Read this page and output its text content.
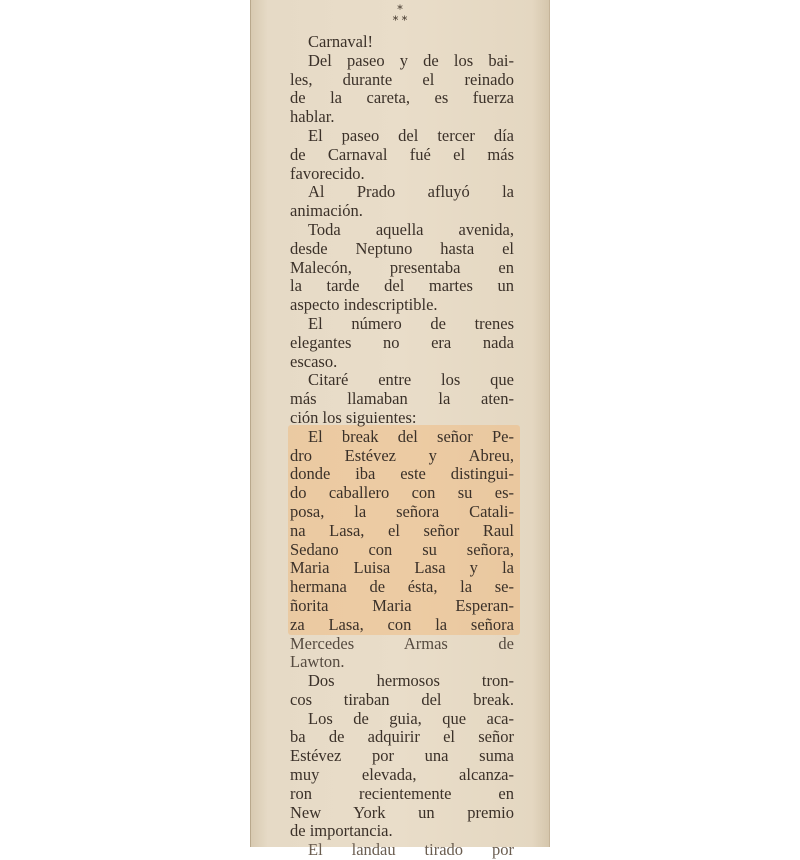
*
* *
Carnaval!
Del paseo y de los bai-
les, durante el reinado
de la careta, es fuerza
hablar.
El paseo del tercer día
de Carnaval fué el más
favorecido.
Al Prado afluyó la
animación.
Toda aquella avenida,
desde Neptuno hasta el
Malecón, presentaba en
la tarde del martes un
aspecto indescriptible.
El número de trenes
elegantes no era nada
escaso.
Citaré entre los que
más llamaban la aten-
ción los siguientes:
El break del señor Pe-
dro Estévez y Abreu,
donde iba este distingui-
do caballero con su es-
posa, la señora Catali-
na Lasa, el señor Raul
Sedano con su señora,
Maria Luisa Lasa y la
hermana de ésta, la se-
ñorita Maria Esperan-
za Lasa, con la señora
Mercedes Armas de
Lawton.
Dos hermosos tron-
cos tiraban del break.
Los de guia, que aca-
ba de adquirir el señor
Estévez por una suma
muy elevada, alcanza-
ron recientemente en
New York un premio
de importancia.
El landau tirado por
